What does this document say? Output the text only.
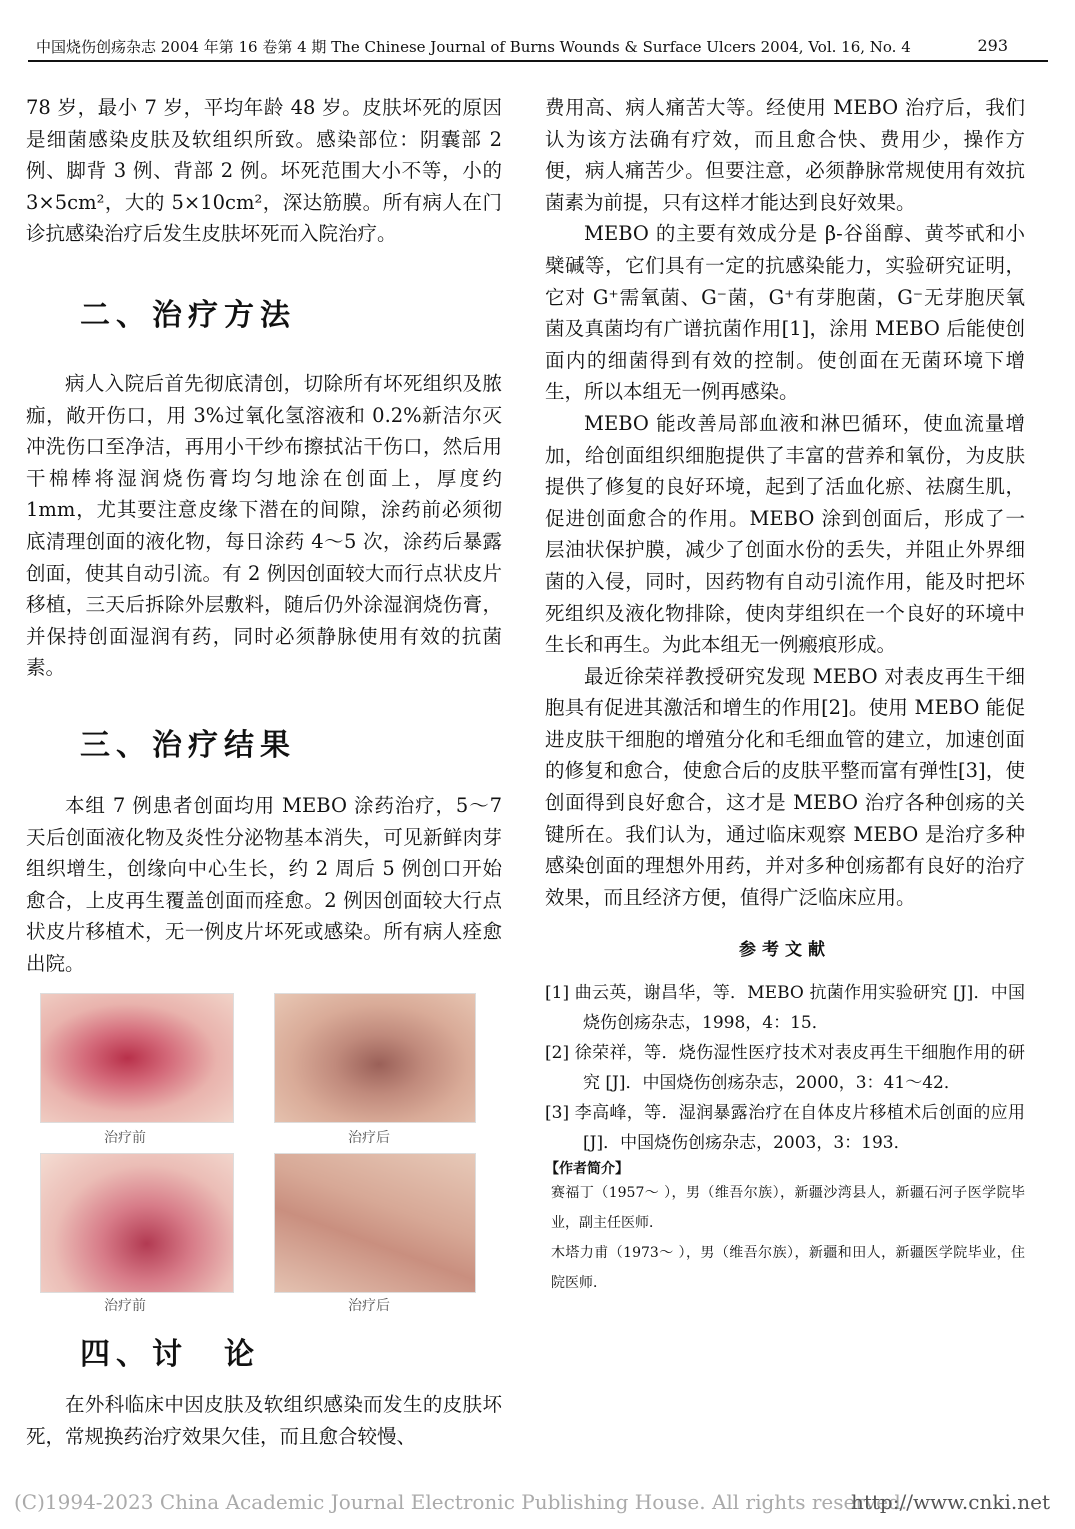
中国烧伤创疡杂志 2004 年第 16 卷第 4 期 The Chinese Journal of Burns Wounds & Surface Ulcers 2004, Vol. 16, No. 4	293

78 岁，最小 7 岁，平均年龄 48 岁。皮肤坏死的原因是细菌感染皮肤及软组织所致。感染部位：阴囊部 2 例、脚背 3 例、背部 2 例。坏死范围大小不等，小的 3×5cm²，大的 5×10cm²，深达筋膜。所有病人在门诊抗感染治疗后发生皮肤坏死而入院治疗。

二、治疗方法

病人入院后首先彻底清创，切除所有坏死组织及脓痂，敞开伤口，用 3%过氧化氢溶液和 0.2%新洁尔灭冲洗伤口至净洁，再用小干纱布擦拭沾干伤口，然后用干棉棒将湿润烧伤膏均匀地涂在创面上，厚度约 1mm，尤其要注意皮缘下潜在的间隙，涂药前必须彻底清理创面的液化物，每日涂药 4～5 次，涂药后暴露创面，使其自动引流。有 2 例因创面较大而行点状皮片移植，三天后拆除外层敷料，随后仍外涂湿润烧伤膏，并保持创面湿润有药，同时必须静脉使用有效的抗菌素。

三、治疗结果

本组 7 例患者创面均用 MEBO 涂药治疗，5～7 天后创面液化物及炎性分泌物基本消失，可见新鲜肉芽组织增生，创缘向中心生长，约 2 周后 5 例创口开始愈合，上皮再生覆盖创面而痊愈。2 例因创面较大行点状皮片移植术，无一例皮片坏死或感染。所有病人痊愈出院。

治疗前	治疗后
治疗前	治疗后
四、讨　论

在外科临床中因皮肤及软组织感染而发生的皮肤坏死，常规换药治疗效果欠佳，而且愈合较慢、

费用高、病人痛苦大等。经使用 MEBO 治疗后，我们认为该方法确有疗效，而且愈合快、费用少，操作方便，病人痛苦少。但要注意，必须静脉常规使用有效抗菌素为前提，只有这样才能达到良好效果。

MEBO 的主要有效成分是 β-谷甾醇、黄芩甙和小檗碱等，它们具有一定的抗感染能力，实验研究证明，它对 G⁺需氧菌、G⁻菌，G⁺有芽胞菌，G⁻无芽胞厌氧菌及真菌均有广谱抗菌作用[1]，涂用 MEBO 后能使创面内的细菌得到有效的控制。使创面在无菌环境下增生，所以本组无一例再感染。

MEBO 能改善局部血液和淋巴循环，使血流量增加，给创面组织细胞提供了丰富的营养和氧份，为皮肤提供了修复的良好环境，起到了活血化瘀、祛腐生肌，促进创面愈合的作用。MEBO 涂到创面后，形成了一层油状保护膜，减少了创面水份的丢失，并阻止外界细菌的入侵，同时，因药物有自动引流作用，能及时把坏死组织及液化物排除，使肉芽组织在一个良好的环境中生长和再生。为此本组无一例瘢痕形成。

最近徐荣祥教授研究发现 MEBO 对表皮再生干细胞具有促进其激活和增生的作用[2]。使用 MEBO 能促进皮肤干细胞的增殖分化和毛细血管的建立，加速创面的修复和愈合，使愈合后的皮肤平整而富有弹性[3]，使创面得到良好愈合，这才是 MEBO 治疗各种创疡的关键所在。我们认为，通过临床观察 MEBO 是治疗多种感染创面的理想外用药，并对多种创疡都有良好的治疗效果，而且经济方便，值得广泛临床应用。

参考文献

[1] 曲云英，谢昌华，等．MEBO 抗菌作用实验研究 [J]．中国烧伤创疡杂志，1998，4：15．

[2] 徐荣祥，等．烧伤湿性医疗技术对表皮再生干细胞作用的研究 [J]．中国烧伤创疡杂志，2000，3：41～42．

[3] 李高峰，等．湿润暴露治疗在自体皮片移植术后创面的应用 [J]．中国烧伤创疡杂志，2003，3：193．

【作者简介】

赛福丁（1957～ ），男（维吾尔族），新疆沙湾县人，新疆石河子医学院毕业，副主任医师．

木塔力甫（1973～ ），男（维吾尔族），新疆和田人，新疆医学院毕业，住院医师．

(C)1994-2023 China Academic Journal Electronic Publishing House. All rights reserved.
http://www.cnki.net
